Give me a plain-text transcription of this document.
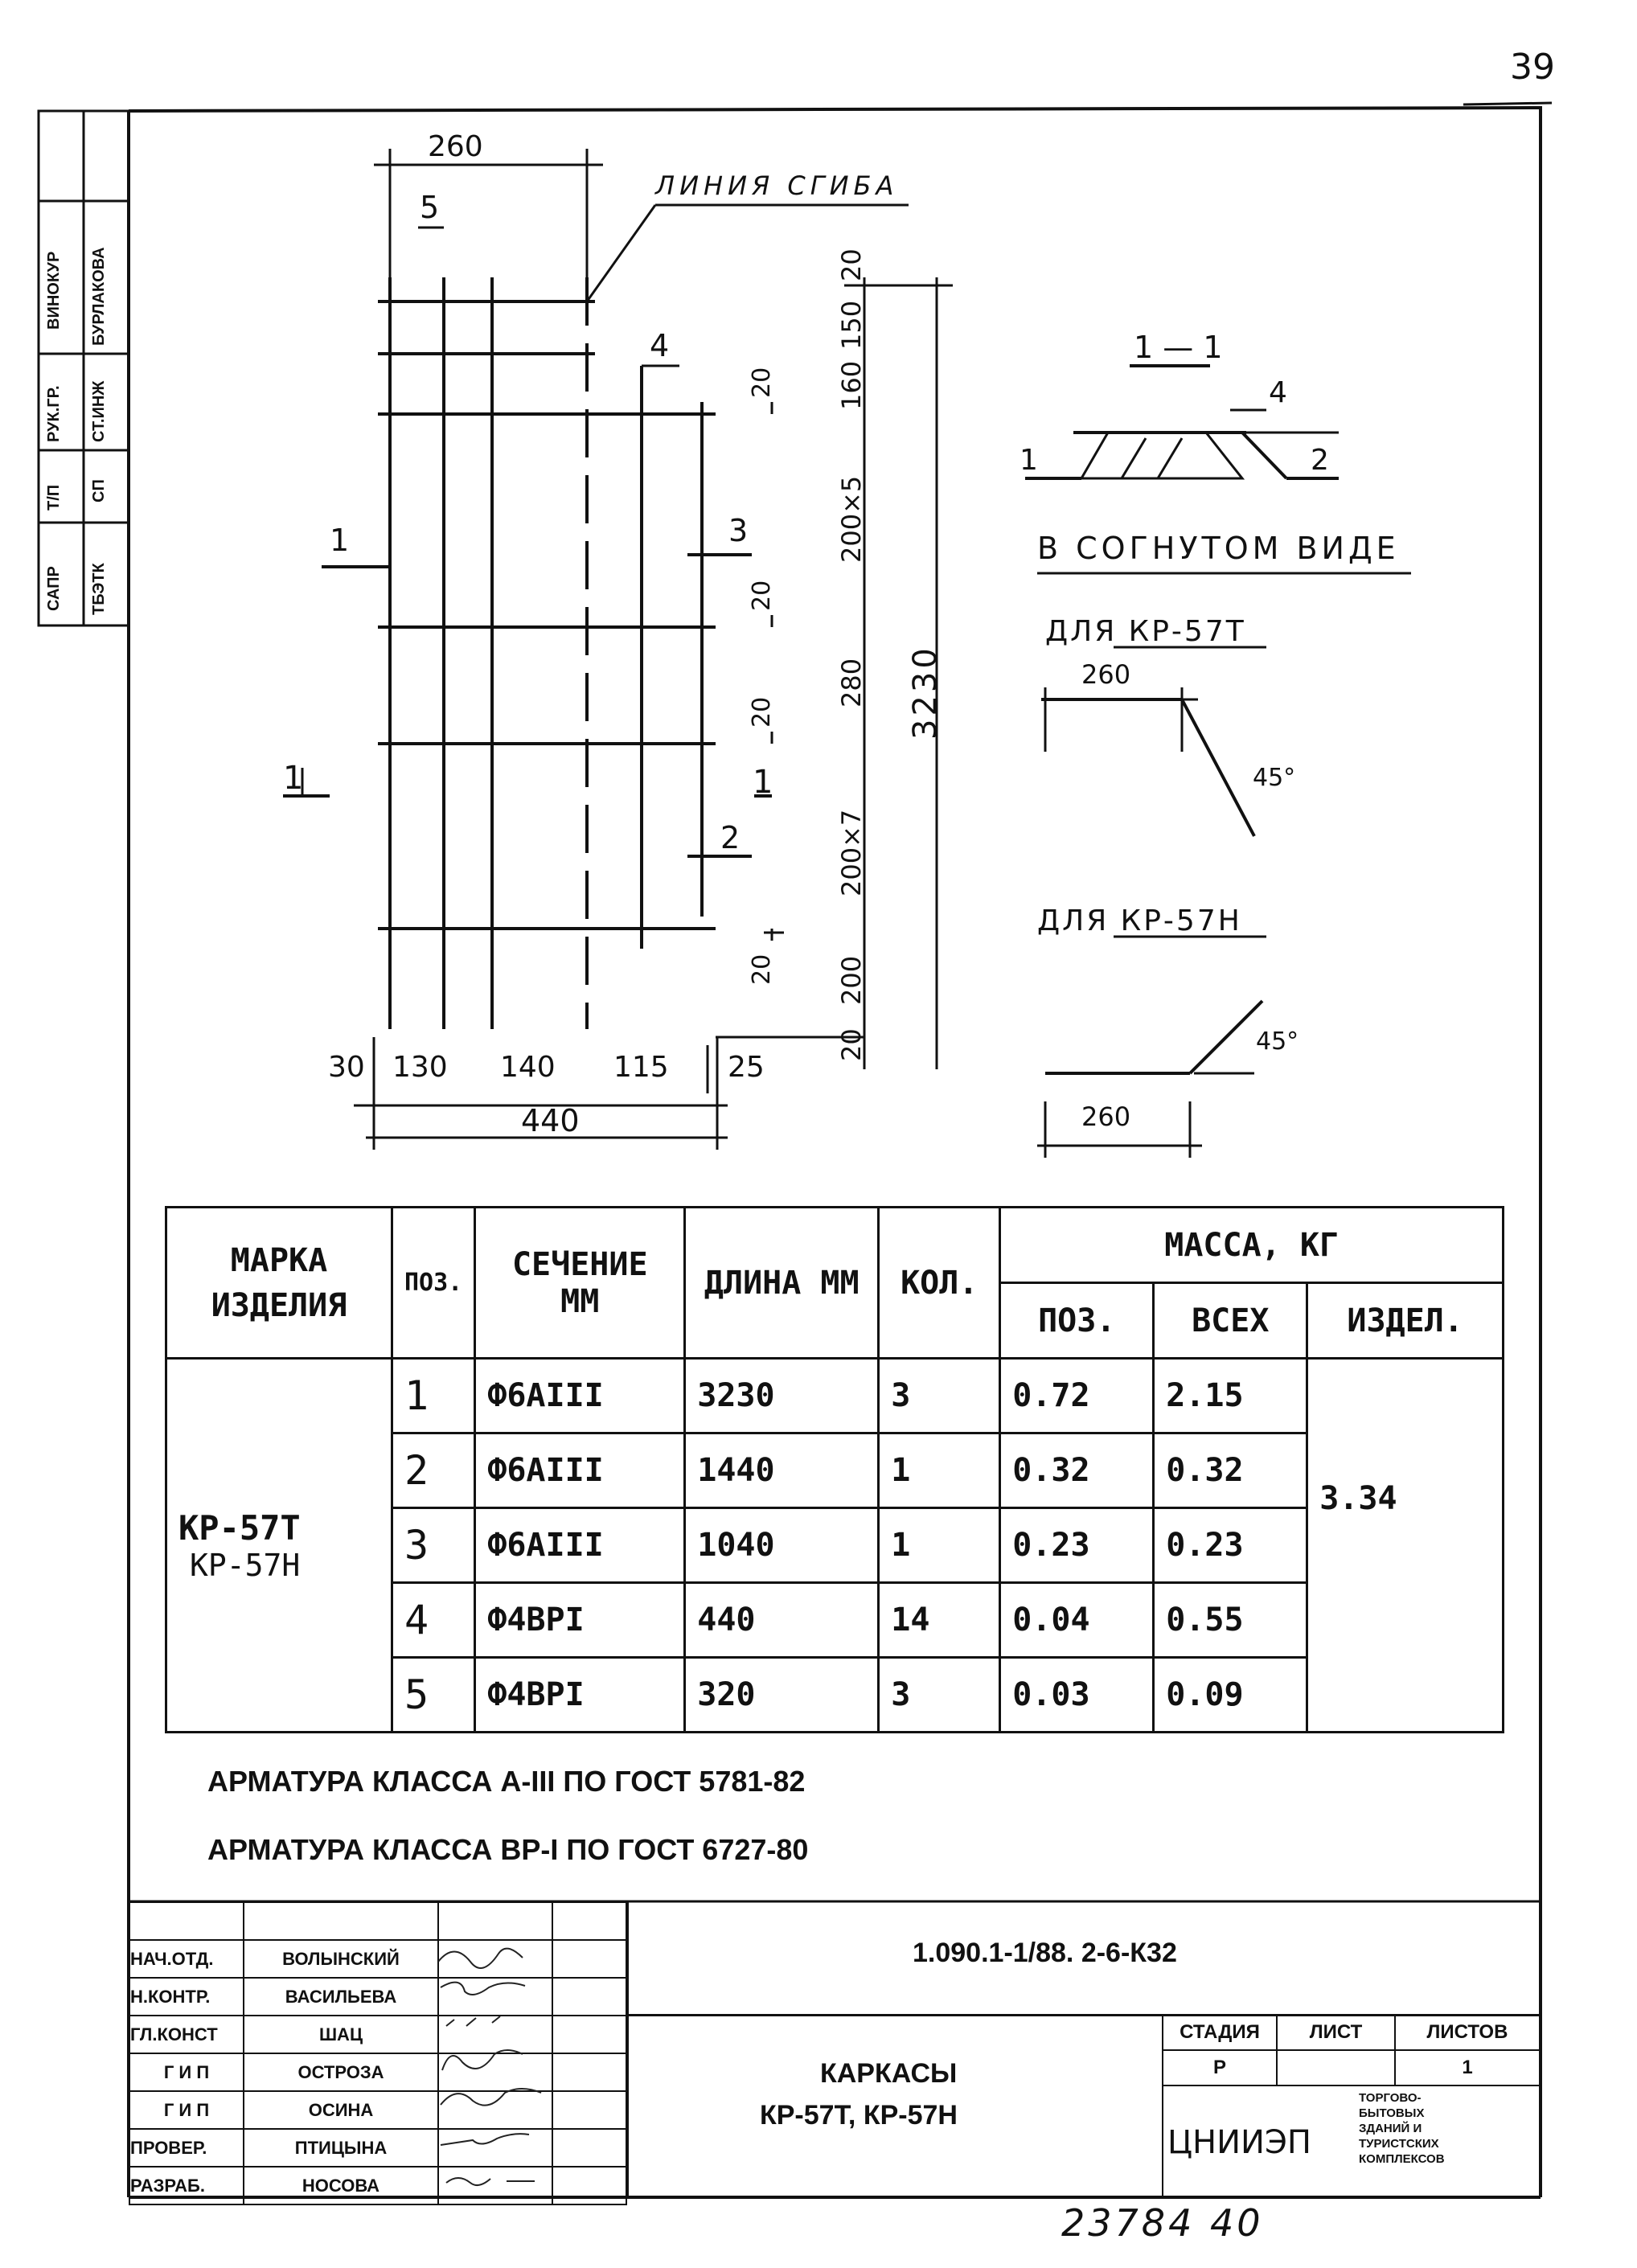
39
ВИНОКУР БУРЛАКОВА
РУК.ГР. СТ.ИНЖ
Т/П СП
САПР ТБЭТК
260
ЛИНИЯ СГИБА
5
4
1	3
2
1	1
20
150
160
200×5
280
200×7
200
20
20
20
20
20
3230
30 130 140 115 25
440
1 — 1
1
4
2
В СОГНУТОМ ВИДЕ
ДЛЯ КР-57Т
260
45°
ДЛЯ КР-57Н
260
45°
МАРКА ИЗДЕЛИЯ	ПОЗ.	СЕЧЕНИЕ ММ	ДЛИНА ММ	КОЛ.	МАССА, КГ		
					ПОЗ.	ВСЕХ	ИЗДЕЛ.

КР-57Т
КР-57Н	1	Ф6АIII	3230	3	0.72	2.15	3.34
	2	Ф6АIII	1440	1	0.32	0.32	
	3	Ф6АIII	1040	1	0.23	0.23	
	4	Ф4ВРI	440	14	0.04	0.55	
	5	Ф4ВРI	320	3	0.03	0.09	
АРМАТУРА КЛАССА А-III ПО ГОСТ 5781-82
АРМАТУРА КЛАССА ВР-I ПО ГОСТ 6727-80

НАЧ.ОТД.	ВОЛЫНСКИЙ		
Н.КОНТР.	ВАСИЛЬЕВА		
ГЛ.КОНСТ	ШАЦ		
Г И П	ОСТРОЗА		
Г И П	ОСИНА		
ПРОВЕР.	ПТИЦЫНА		
РАЗРАБ.	НОСОВА		
1.090.1-1/88. 2-6-К32
КАРКАСЫ
КР-57Т, КР-57Н
СТАДИЯ	ЛИСТ	ЛИСТОВ
Р		1
ЦНИИЭП
ТОРГОВО-
БЫТОВЫХ
ЗДАНИЙ И
ТУРИСТСКИХ
КОМПЛЕКСОВ
23784 40
